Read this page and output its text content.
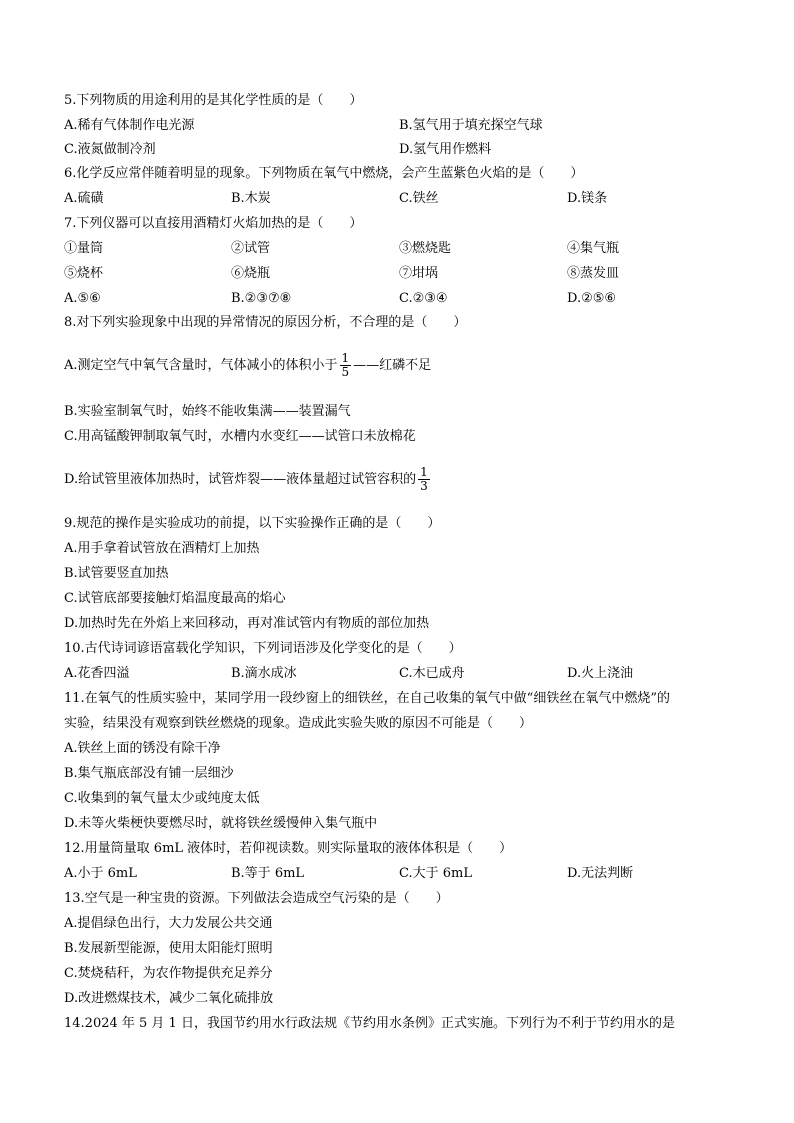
5.下列物质的用途利用的是其化学性质的是（　　）
A.稀有气体制作电光源	B.氢气用于填充探空气球
C.液氮做制冷剂	D.氢气用作燃料
6.化学反应常伴随着明显的现象。下列物质在氧气中燃烧，会产生蓝紫色火焰的是（　　）
A.硫磺	B.木炭	C.铁丝	D.镁条
7.下列仪器可以直接用酒精灯火焰加热的是（　　）
①量筒	②试管	③燃烧匙	④集气瓶
⑤烧杯	⑥烧瓶	⑦坩埚	⑧蒸发皿
A.⑤⑥	B.②③⑦⑧	C.②③④	D.②⑤⑥
8.对下列实验现象中出现的异常情况的原因分析，不合理的是（　　）
A.测定空气中氧气含量时，气体减小的体积小于 $\frac{1}{5}$ ——红磷不足
B.实验室制氧气时，始终不能收集满——装置漏气
C.用高锰酸钾制取氧气时，水槽内水变红——试管口未放棉花
D.给试管里液体加热时，试管炸裂——液体量超过试管容积的 $\frac{1}{3}$
9.规范的操作是实验成功的前提，以下实验操作正确的是（　　）
A.用手拿着试管放在酒精灯上加热
B.试管要竖直加热
C.试管底部要接触灯焰温度最高的焰心
D.加热时先在外焰上来回移动，再对准试管内有物质的部位加热
10.古代诗词谚语富载化学知识，下列词语涉及化学变化的是（　　）
A.花香四溢	B.滴水成冰	C.木已成舟	D.火上浇油
11.在氧气的性质实验中，某同学用一段纱窗上的细铁丝，在自己收集的氧气中做“细铁丝在氧气中燃烧”的
实验，结果没有观察到铁丝燃烧的现象。造成此实验失败的原因不可能是（　　）
A.铁丝上面的锈没有除干净
B.集气瓶底部没有铺一层细沙
C.收集到的氧气量太少或纯度太低
D.未等火柴梗快要燃尽时，就将铁丝缓慢伸入集气瓶中
12.用量筒量取 6mL 液体时，若仰视读数。则实际量取的液体体积是（　　）
A.小于 6mL	B.等于 6mL	C.大于 6mL	D.无法判断
13.空气是一种宝贵的资源。下列做法会造成空气污染的是（　　）
A.提倡绿色出行，大力发展公共交通
B.发展新型能源，使用太阳能灯照明
C.焚烧秸秆，为农作物提供充足养分
D.改进燃煤技术，减少二氧化硫排放
14.2024 年 5 月 1 日，我国节约用水行政法规《节约用水条例》正式实施。下列行为不利于节约用水的是
